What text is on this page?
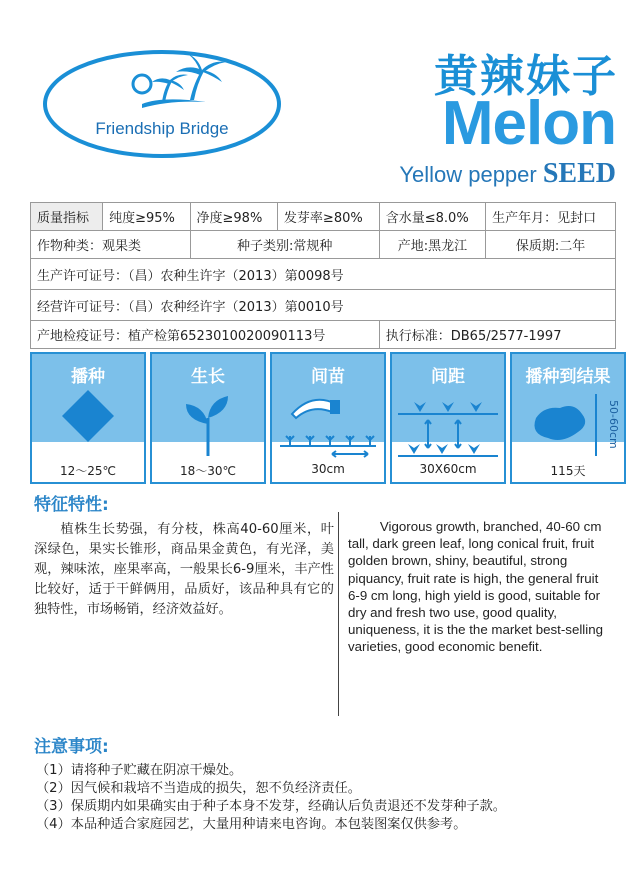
Friendship Bridge
黄辣妹子
Melon
Yellow pepper SEED
质量指标	纯度≥95%	净度≥98%	发芽率≥80%	含水量≤8.0%	生产年月：见封口
作物种类：观果类		种子类别:常规种		产地:黑龙江	保质期:二年
生产许可证号：（昌）农种生许字（2013）第0098号					
经营许可证号：（昌）农种经许字（2013）第0010号					
产地检疫证号：植产检第6523010020090113号				执行标准：DB65/2577-1997	
播种
12～25℃
生长
18～30℃
间苗
30cm
间距
30X60cm
播种到结果
50-60cm
115天
特征特性:
植株生长势强，有分枝，株高40-60厘米，叶深绿色，果实长锥形，商品果金黄色，有光泽，美观，辣味浓，座果率高，一般果长6-9厘米，丰产性比较好，适于干鲜俩用，品质好，该品种具有它的独特性，市场畅销，经济效益好。
Vigorous growth, branched, 40-60 cm tall, dark green leaf, long conical fruit, fruit golden brown, shiny, beautiful, strong piquancy, fruit rate is high, the general fruit 6-9 cm long, high yield is good, suitable for dry and fresh two use, good quality, uniqueness, it is the the market best-selling varieties, good economic benefit.
注意事项:
（1）请将种子贮藏在阴凉干燥处。
（2）因气候和栽培不当造成的损失，恕不负经济责任。
（3）保质期内如果确实由于种子本身不发芽，经确认后负责退还不发芽种子款。
（4）本品种适合家庭园艺，大量用种请来电咨询。本包装图案仅供参考。
